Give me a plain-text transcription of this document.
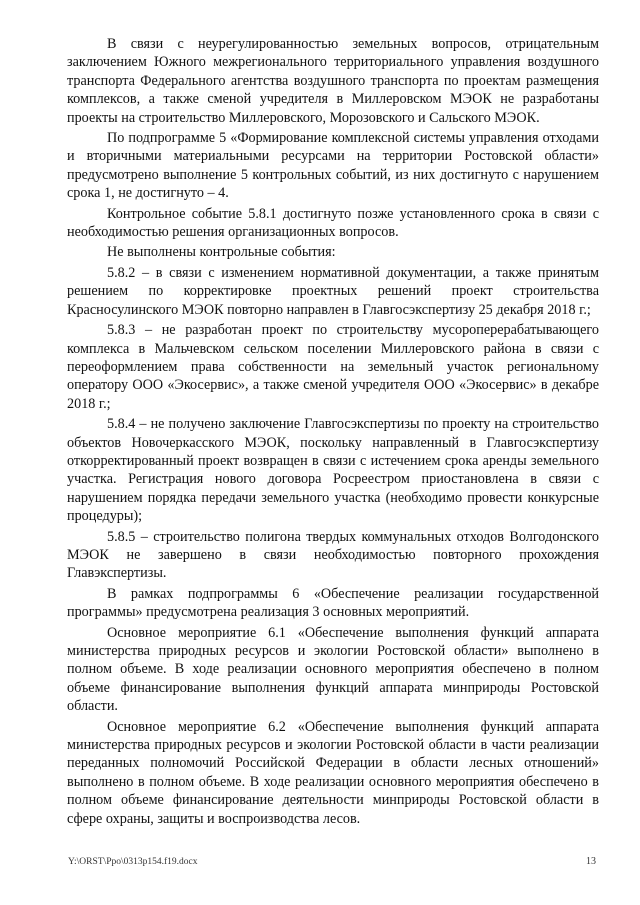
В связи с неурегулированностью земельных вопросов, отрицательным заключением Южного межрегионального территориального управления воздушного транспорта Федерального агентства воздушного транспорта по проектам размещения комплексов, а также сменой учредителя в Миллеровском МЭОК не разработаны проекты на строительство Миллеровского, Морозовского и Сальского МЭОК.

По подпрограмме 5 «Формирование комплексной системы управления отходами и вторичными материальными ресурсами на территории Ростовской области» предусмотрено выполнение 5 контрольных событий, из них достигнуто с нарушением срока 1, не достигнуто – 4.

Контрольное событие 5.8.1 достигнуто позже установленного срока в связи с необходимостью решения организационных вопросов.

Не выполнены контрольные события:

5.8.2 – в связи с изменением нормативной документации, а также принятым решением по корректировке проектных решений проект строительства Красносулинского МЭОК повторно направлен в Главгосэкспертизу 25 декабря 2018 г.;

5.8.3 – не разработан проект по строительству мусороперерабатывающего комплекса в Мальчевском сельском поселении Миллеровского района в связи с переоформлением права собственности на земельный участок региональному оператору ООО «Экосервис», а также сменой учредителя ООО «Экосервис» в декабре 2018 г.;

5.8.4 – не получено заключение Главгосэкспертизы по проекту на строительство объектов Новочеркасского МЭОК, поскольку направленный в Главгосэкспертизу откорректированный проект возвращен в связи с истечением срока аренды земельного участка. Регистрация нового договора Росреестром приостановлена в связи с нарушением порядка передачи земельного участка (необходимо провести конкурсные процедуры);

5.8.5 – строительство полигона твердых коммунальных отходов Волгодонского МЭОК не завершено в связи необходимостью повторного прохождения Главэкспертизы.

В рамках подпрограммы 6 «Обеспечение реализации государственной программы» предусмотрена реализация 3 основных мероприятий.

Основное мероприятие 6.1 «Обеспечение выполнения функций аппарата министерства природных ресурсов и экологии Ростовской области» выполнено в полном объеме. В ходе реализации основного мероприятия обеспечено в полном объеме финансирование выполнения функций аппарата минприроды Ростовской области.

Основное мероприятие 6.2 «Обеспечение выполнения функций аппарата министерства природных ресурсов и экологии Ростовской области в части реализации переданных полномочий Российской Федерации в области лесных отношений» выполнено в полном объеме. В ходе реализации основного мероприятия обеспечено в полном объеме финансирование деятельности минприроды Ростовской области в сфере охраны, защиты и воспроизводства лесов.

Y:\ORST\Ppo\0313p154.f19.docx	13
